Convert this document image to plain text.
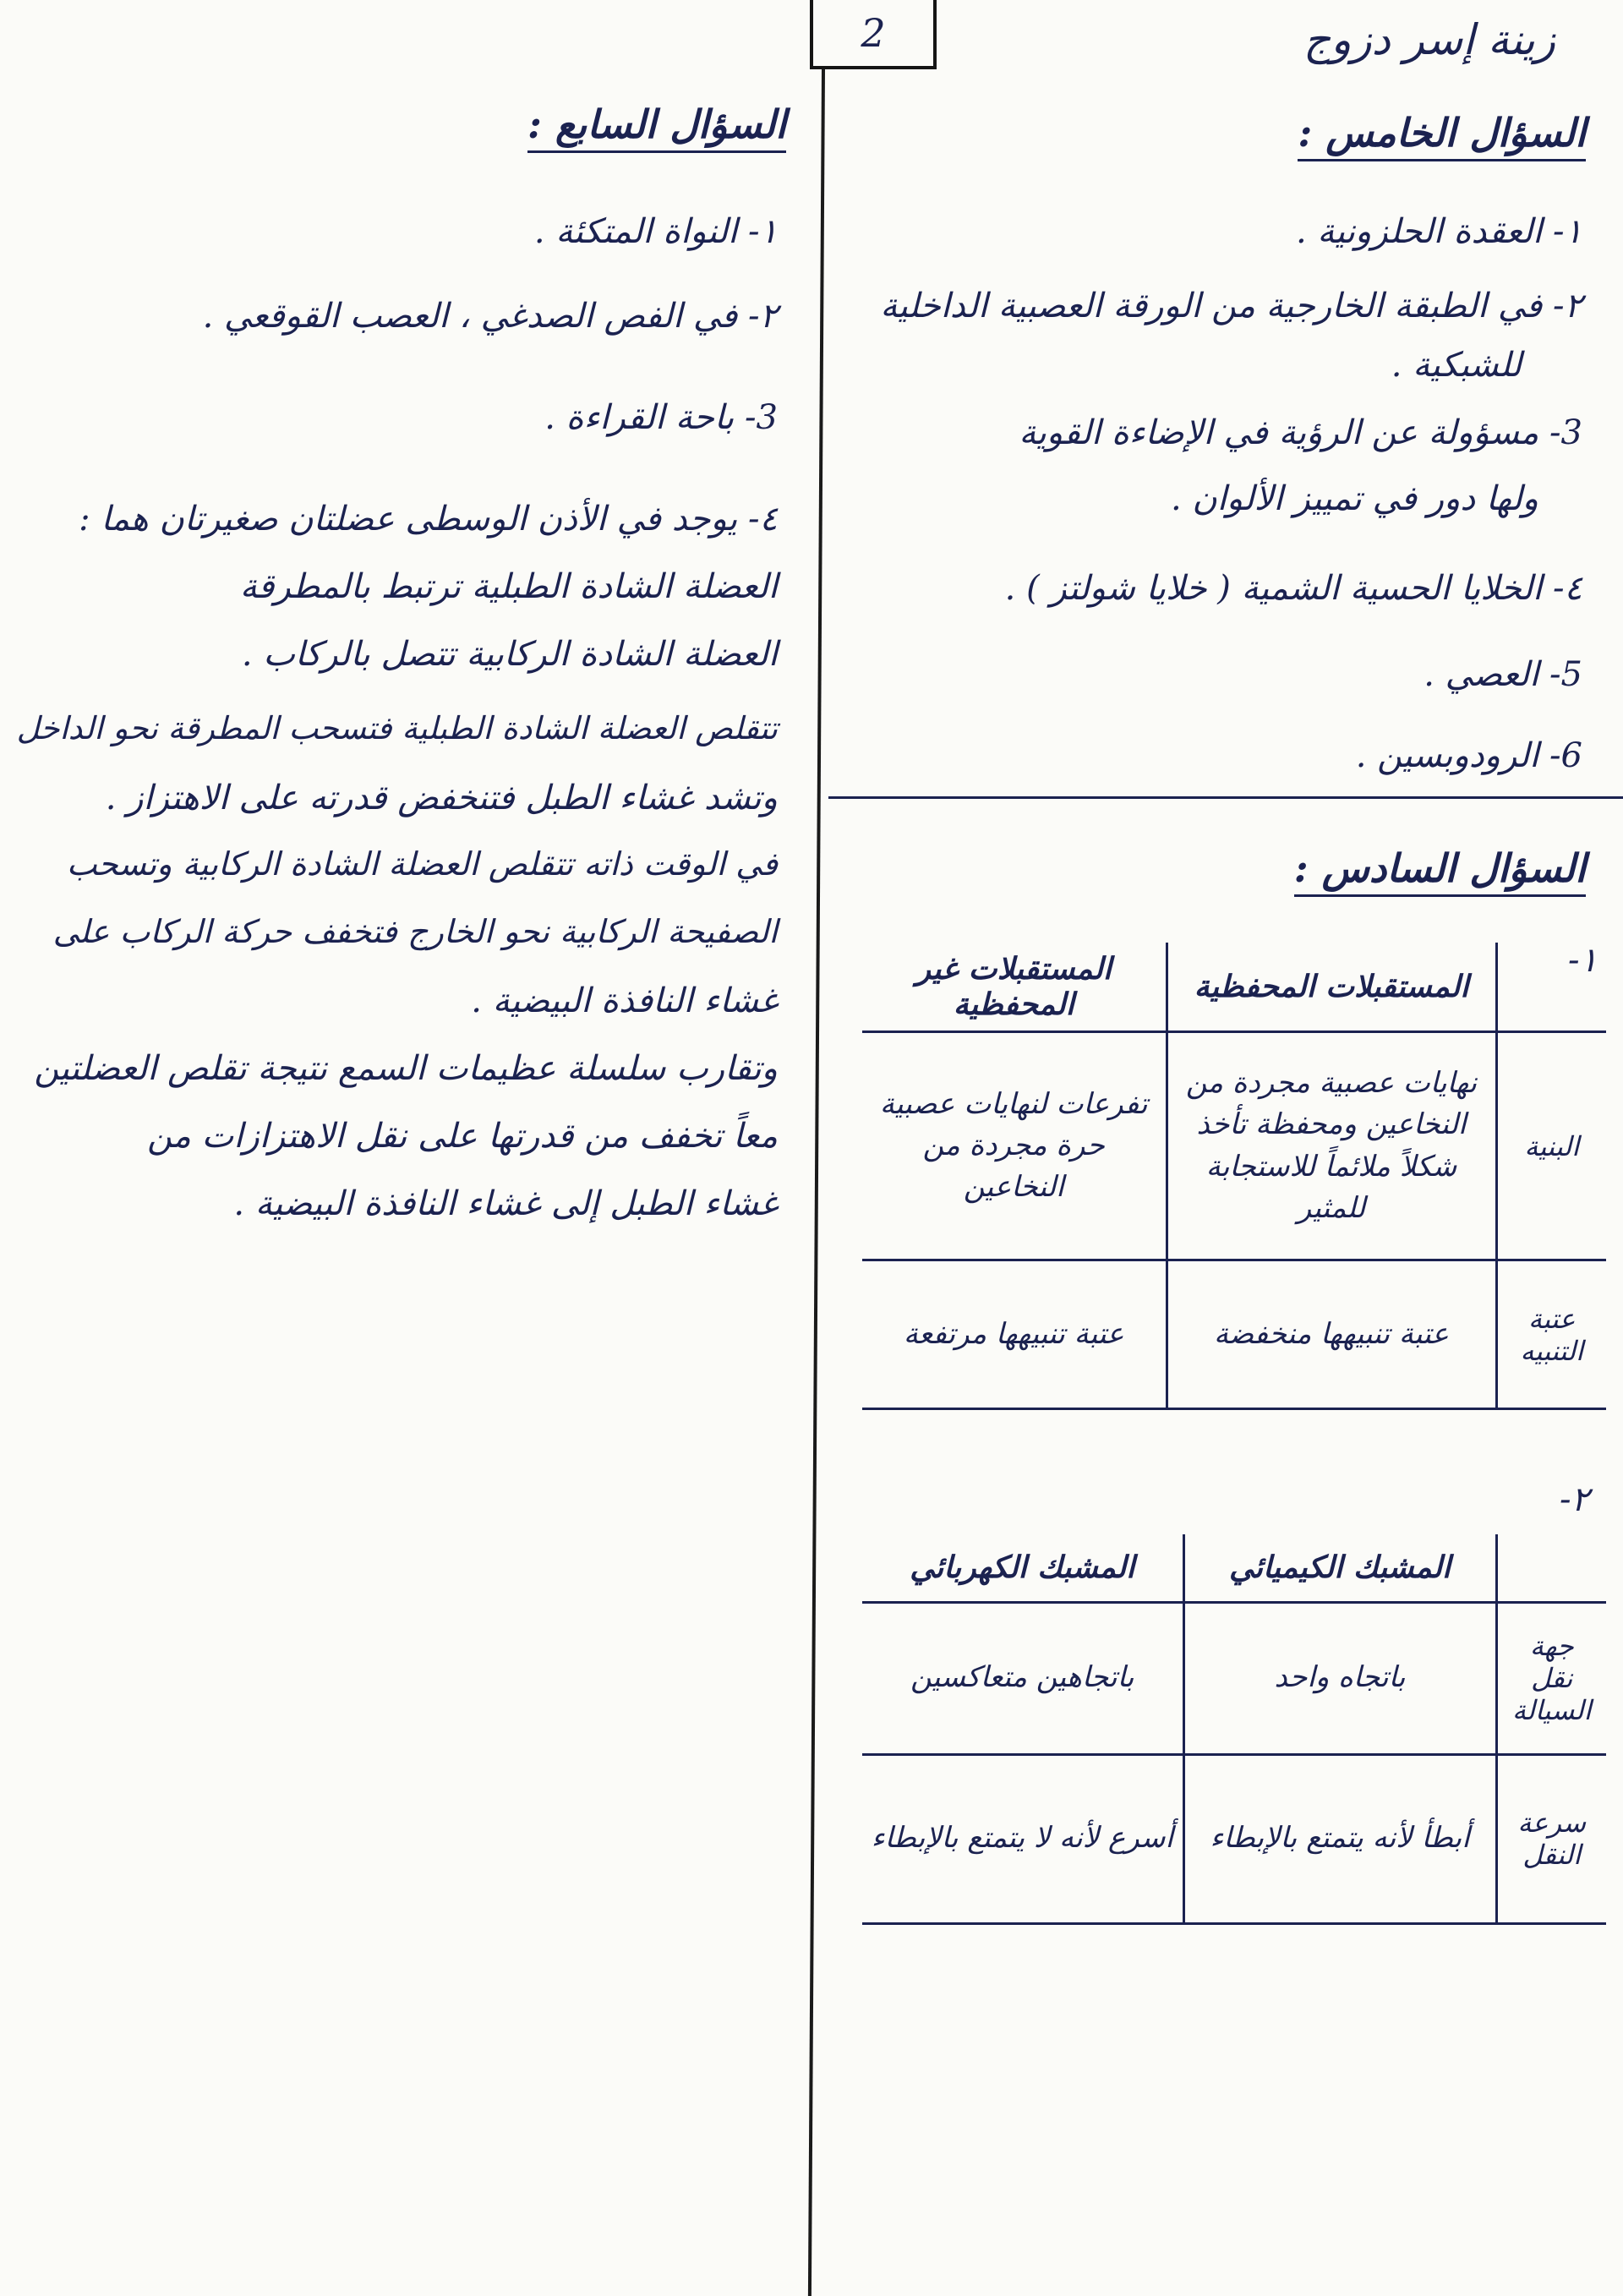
2	زينة إسر دزوج
السؤال الخامس :
١- العقدة الحلزونية .
٢- في الطبقة الخارجية من الورقة العصبية الداخلية
للشبكية .
3- مسؤولة عن الرؤية في الإضاءة القوية
ولها دور في تمييز الألوان .
٤- الخلايا الحسية الشمية ( خلايا شولتز ) .
5- العصي .
6- الرودوبسين .
السؤال السادس :
١-
	المستقبلات المحفظية	المستقبلات غير المحفظية
البنية	نهايات عصبية مجردة من النخاعين ومحفظة تأخذ شكلاً ملائماً للاستجابة للمثير	تفرعات لنهايات عصبية حرة مجردة من النخاعين
عتبة التنبيه	عتبة تنبيهها منخفضة	عتبة تنبيهها مرتفعة
٢-
	المشبك الكيميائي	المشبك الكهربائي
جهة نقل السيالة	باتجاه واحد	باتجاهين متعاكسين
سرعة النقل	أبطأ لأنه يتمتع بالإبطاء	أسرع لأنه لا يتمتع بالإبطاء
السؤال السابع :
١- النواة المتكئة .
٢- في الفص الصدغي ، العصب القوقعي .
3- باحة القراءة .
٤- يوجد في الأذن الوسطى عضلتان صغيرتان هما :
العضلة الشادة الطبلية ترتبط بالمطرقة
العضلة الشادة الركابية تتصل بالركاب .
تتقلص العضلة الشادة الطبلية فتسحب المطرقة نحو الداخل
وتشد غشاء الطبل فتنخفض قدرته على الاهتزاز .
في الوقت ذاته تتقلص العضلة الشادة الركابية وتسحب
الصفيحة الركابية نحو الخارج فتخفف حركة الركاب على
غشاء النافذة البيضية .
وتقارب سلسلة عظيمات السمع نتيجة تقلص العضلتين
معاً تخفف من قدرتها على نقل الاهتزازات من
غشاء الطبل إلى غشاء النافذة البيضية .
